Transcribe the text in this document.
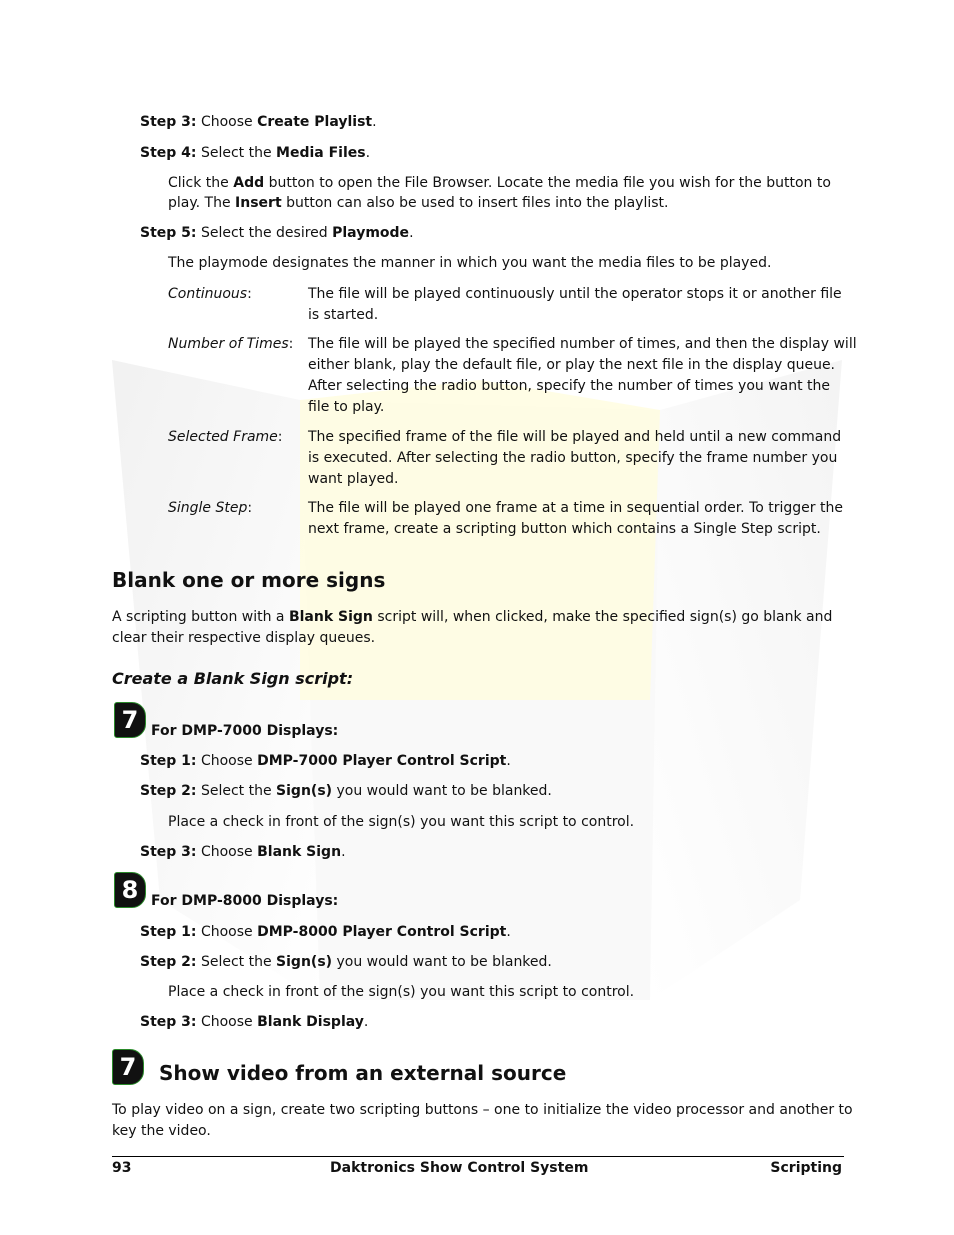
Step 3: Choose Create Playlist.
Step 4: Select the Media Files.
Click the Add button to open the File Browser. Locate the media file you wish for the button to
play. The Insert button can also be used to insert files into the playlist.
Step 5: Select the desired Playmode.
The playmode designates the manner in which you want the media files to be played.
Continuous:	The file will be played continuously until the operator stops it or another file
is started.
Number of Times: The file will be played the specified number of times, and then the display will
either blank, play the default file, or play the next file in the display queue.
After selecting the radio button, specify the number of times you want the
file to play.
Selected Frame: The specified frame of the file will be played and held until a new command
is executed. After selecting the radio button, specify the frame number you
want played.
Single Step:	The file will be played one frame at a time in sequential order. To trigger the
next frame, create a scripting button which contains a Single Step script.
Blank one or more signs
A scripting button with a Blank Sign script will, when clicked, make the specified sign(s) go blank and
clear their respective display queues.
Create a Blank Sign script:
7 For DMP-7000 Displays:
Step 1: Choose DMP-7000 Player Control Script.
Step 2: Select the Sign(s) you would want to be blanked.
Place a check in front of the sign(s) you want this script to control.
Step 3: Choose Blank Sign.
8 For DMP-8000 Displays:
Step 1: Choose DMP-8000 Player Control Script.
Step 2: Select the Sign(s) you would want to be blanked.
Place a check in front of the sign(s) you want this script to control.
Step 3: Choose Blank Display.
7	Show video from an external source
To play video on a sign, create two scripting buttons – one to initialize the video processor and another to
key the video.
93	Daktronics Show Control System	Scripting
